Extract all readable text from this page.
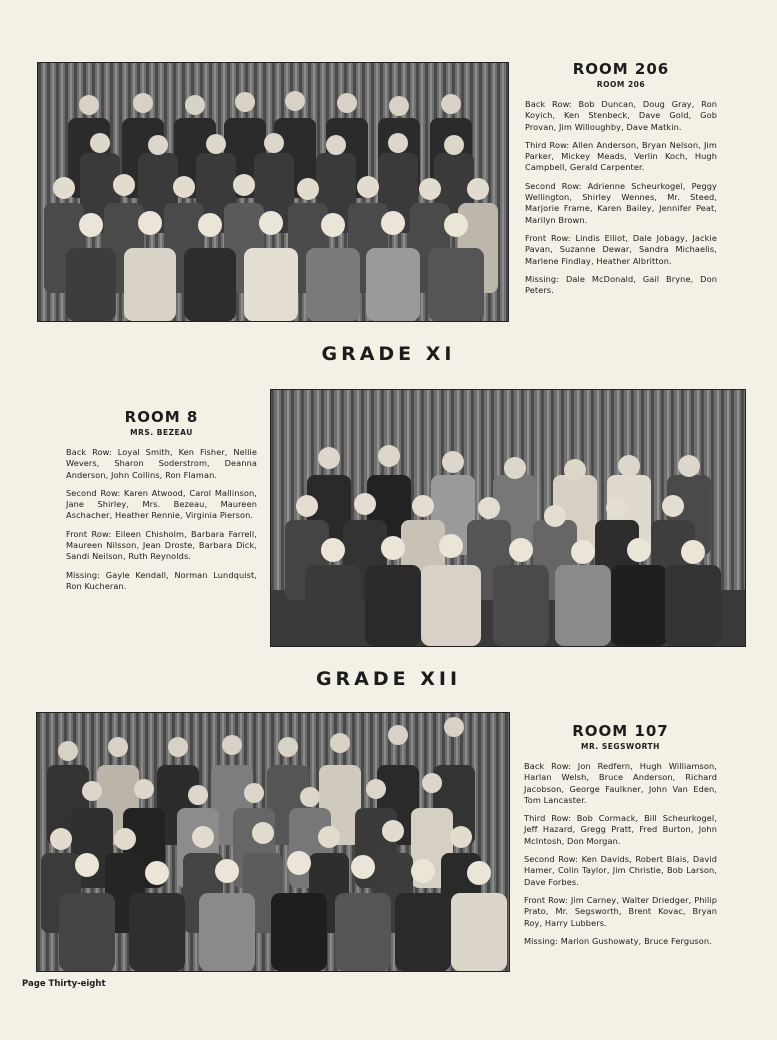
ROOM 206

ROOM 206

Back Row: Bob Duncan, Doug Gray, Ron Koyich, Ken Stenbeck, Dave Gold, Gob Provan, Jim Willoughby, Dave Matkin.

Third Row: Allen Anderson, Bryan Nelson, Jim Parker, Mickey Meads, Verlin Koch, Hugh Campbell, Gerald Carpenter.

Second Row: Adrienne Scheurkogel, Peggy Wellington, Shirley Wennes, Mr. Steed, Marjorie Frame, Karen Bailey, Jennifer Peat, Marilyn Brown.

Front Row: Lindis Elliot, Dale Jobagy, Jackie Pavan, Suzanne Dewar, Sandra Michaelis, Marlene Findlay, Heather Albritton.

Missing: Dale McDonald, Gail Bryne, Don Peters.

GRADE XI

ROOM 8

MRS. BEZEAU

Back Row: Loyal Smith, Ken Fisher, Nellie Wevers, Sharon Soderstrom, Deanna Anderson, John Collins, Ron Flaman.

Second Row: Karen Atwood, Carol Mallinson, Jane Shirley, Mrs. Bezeau, Maureen Aschacher, Heather Rennie, Virginia Pierson.

Front Row: Eileen Chisholm, Barbara Farrell, Maureen Nilsson, Jean Droste, Barbara Dick, Sandi Neilson, Ruth Reynolds.

Missing: Gayle Kendall, Norman Lundquist, Ron Kucheran.

GRADE XII

ROOM 107

MR. SEGSWORTH

Back Row: Jon Redfern, Hugh Williamson, Harlan Welsh, Bruce Anderson, Richard Jacobson, George Faulkner, John Van Eden, Tom Lancaster.

Third Row: Bob Cormack, Bill Scheurkogel, Jeff Hazard, Gregg Pratt, Fred Burton, John McIntosh, Don Morgan.

Second Row: Ken Davids, Robert Blais, David Hamer, Colin Taylor, Jim Christie, Bob Larson, Dave Forbes.

Front Row: Jim Carney, Walter Driedger, Philip Prato, Mr. Segsworth, Brent Kovac, Bryan Roy, Harry Lubbers.

Missing: Marion Gushowaty, Bruce Ferguson.

Page Thirty-eight
